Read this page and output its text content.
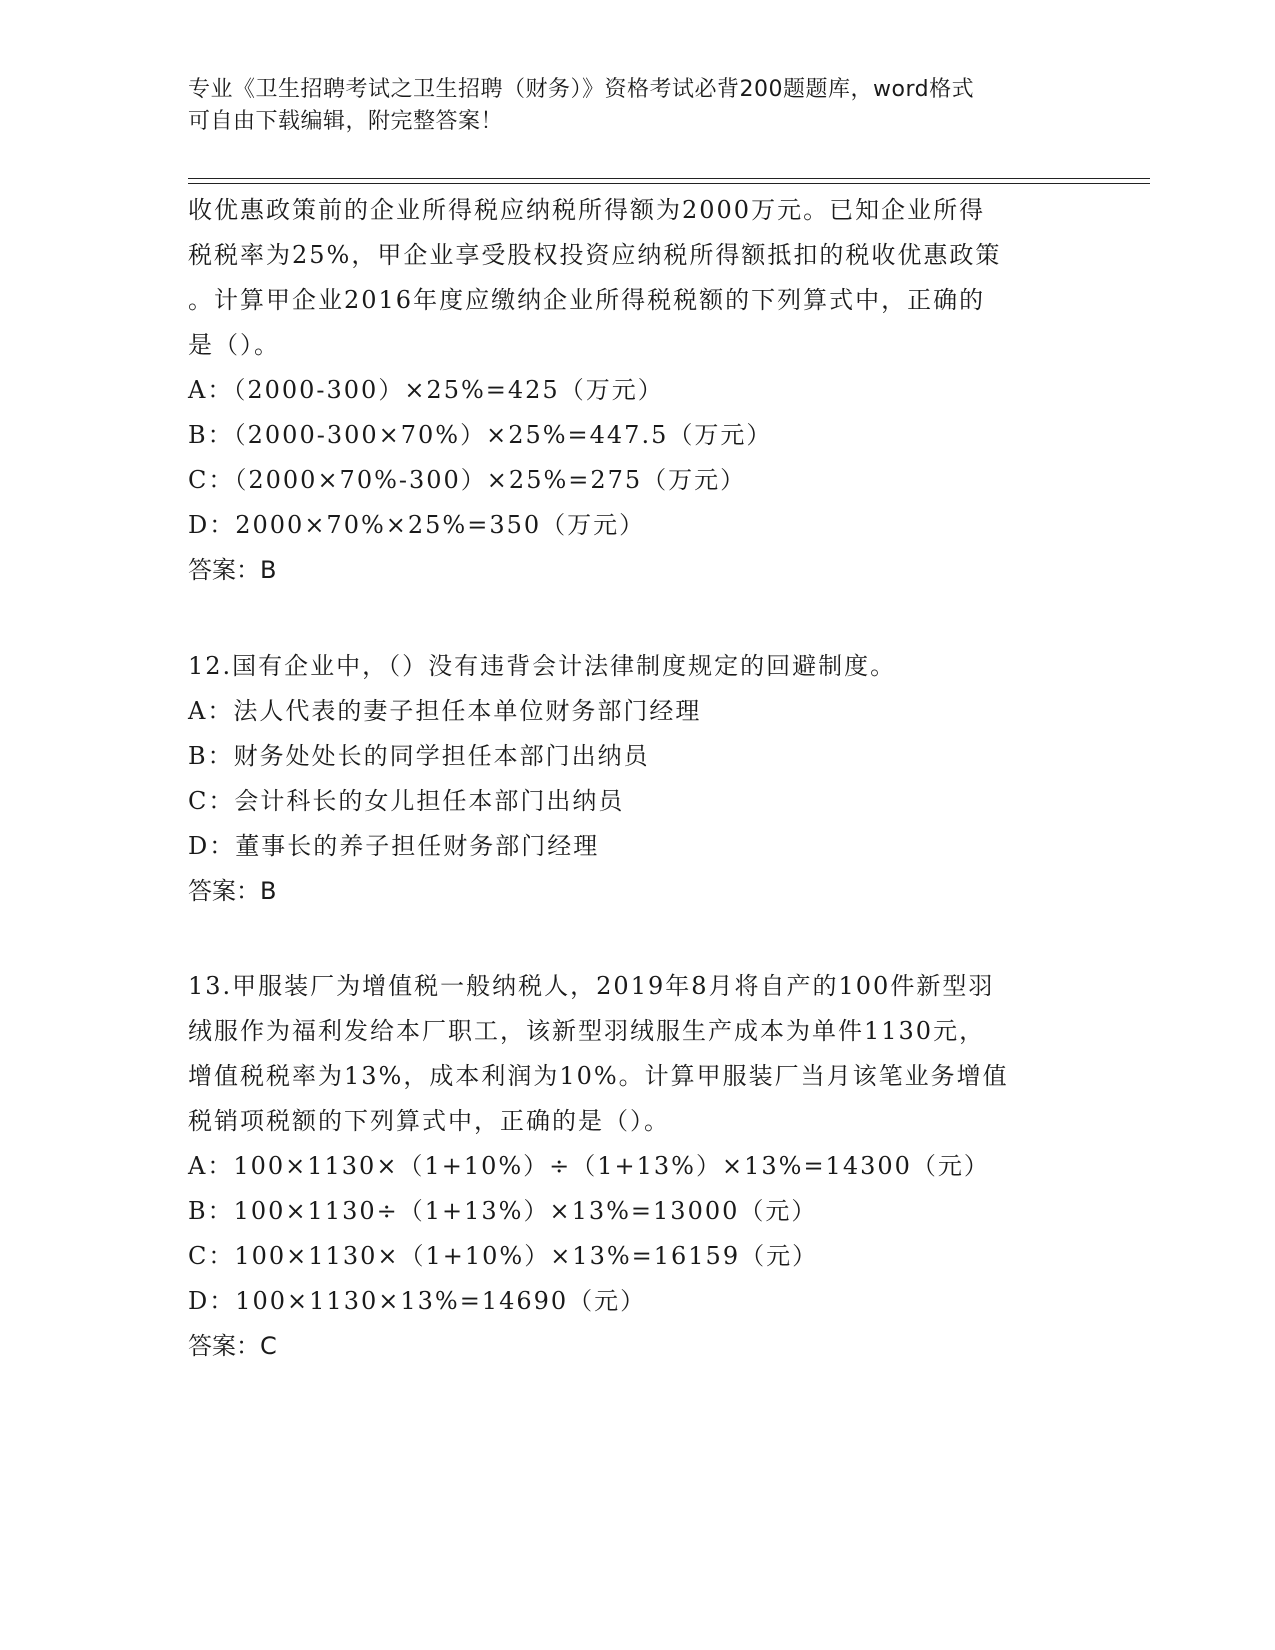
专业《卫生招聘考试之卫生招聘（财务）》资格考试必背200题题库，word格式
可自由下载编辑，附完整答案！
收优惠政策前的企业所得税应纳税所得额为2000万元。已知企业所得
税税率为25%，甲企业享受股权投资应纳税所得额抵扣的税收优惠政策
。计算甲企业2016年度应缴纳企业所得税税额的下列算式中，正确的
是（）。
A：（2000-300）×25%=425（万元）
B：（2000-300×70%）×25%=447.5（万元）
C：（2000×70%-300）×25%=275（万元）
D：2000×70%×25%=350（万元）
答案：B
12.国有企业中，（）没有违背会计法律制度规定的回避制度。
A：法人代表的妻子担任本单位财务部门经理
B：财务处处长的同学担任本部门出纳员
C：会计科长的女儿担任本部门出纳员
D：董事长的养子担任财务部门经理
答案：B
13.甲服装厂为增值税一般纳税人，2019年8月将自产的100件新型羽
绒服作为福利发给本厂职工，该新型羽绒服生产成本为单件1130元，
增值税税率为13%，成本利润为10%。计算甲服装厂当月该笔业务增值
税销项税额的下列算式中，正确的是（）。
A：100×1130×（1+10%）÷（1+13%）×13%=14300（元）
B：100×1130÷（1+13%）×13%=13000（元）
C：100×1130×（1+10%）×13%=16159（元）
D：100×1130×13%=14690（元）
答案：C
